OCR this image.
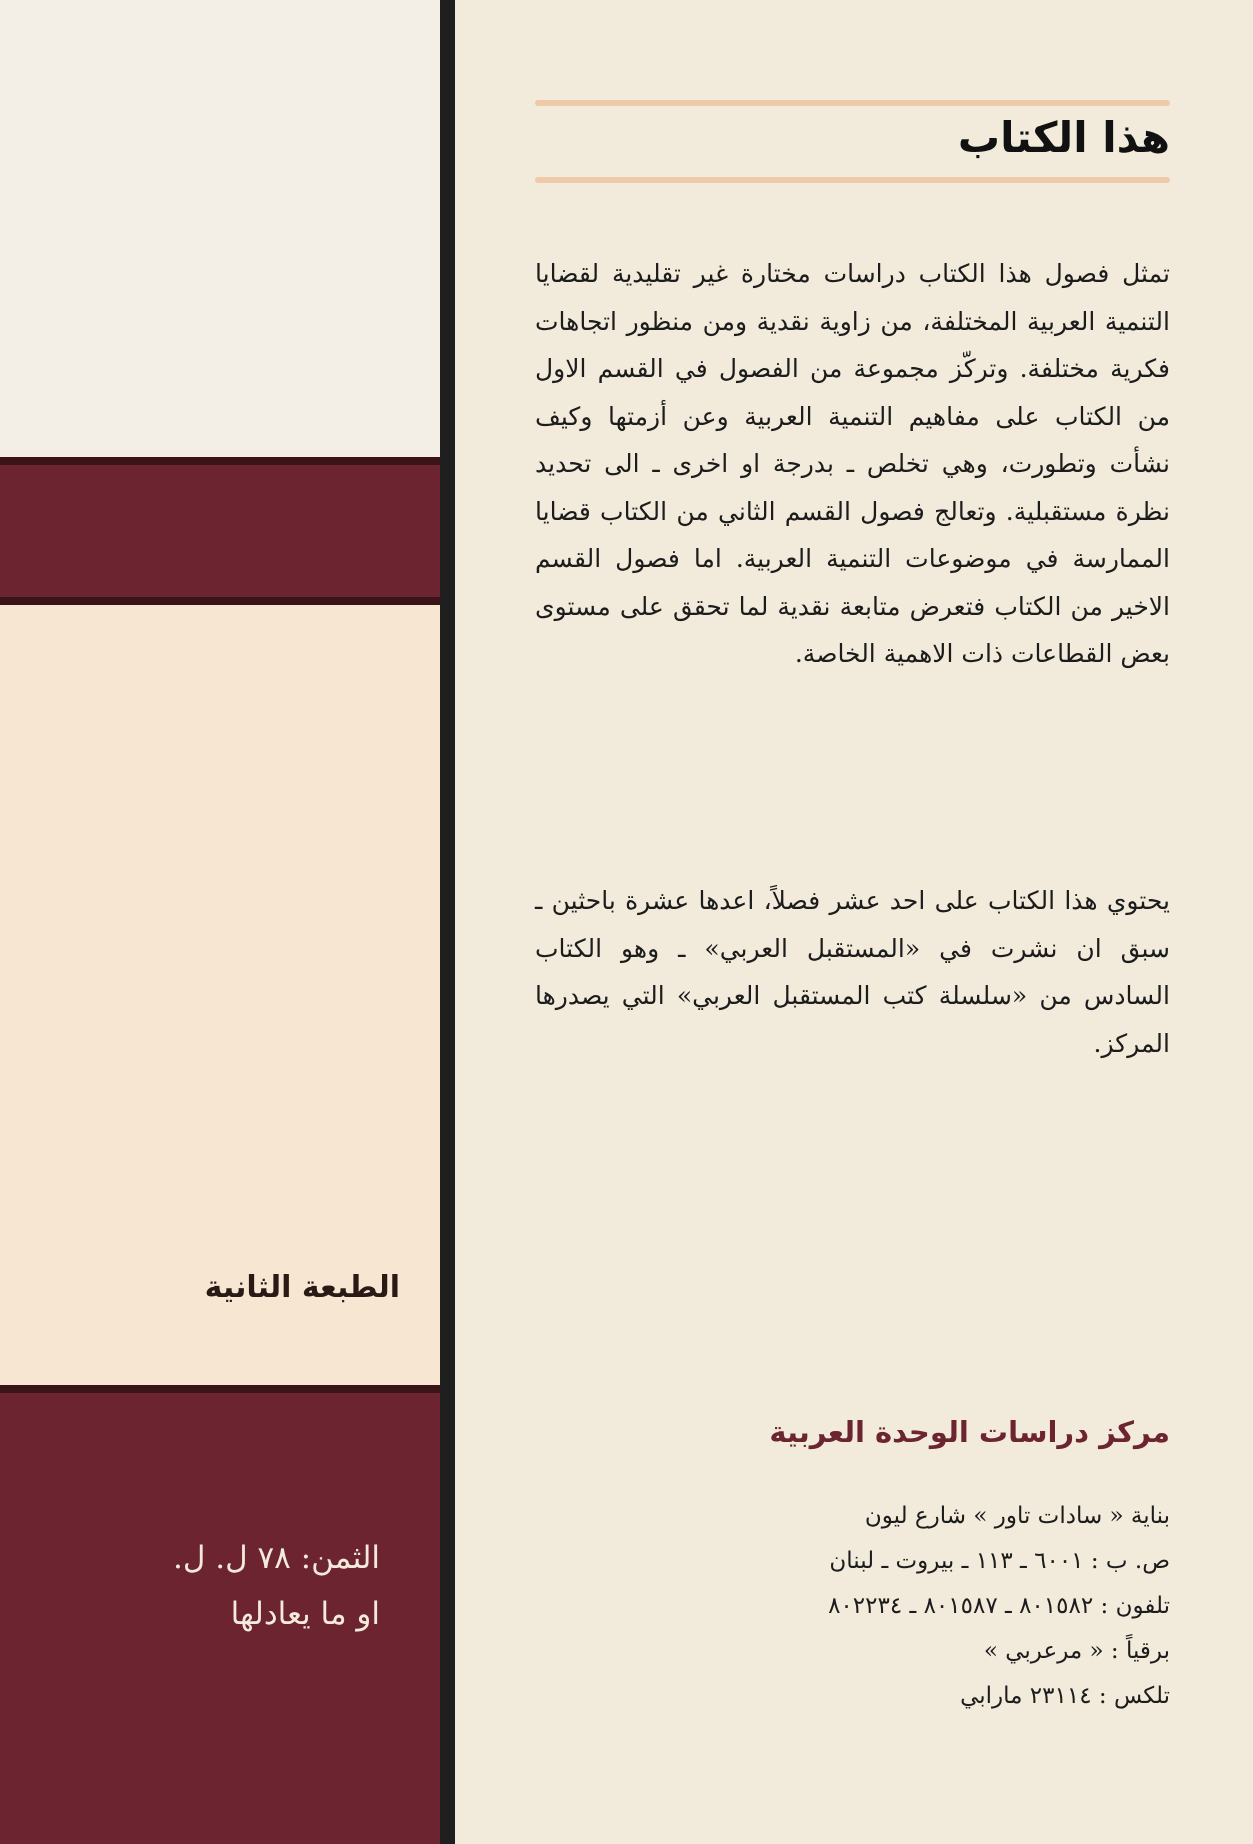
الطبعة الثانية
الثمن: ٧٨ ل. ل.
او ما يعادلها
هذا الكتاب
تمثل فصول هذا الكتاب دراسات مختارة غير تقليدية لقضايا التنمية العربية المختلفة، من زاوية نقدية ومن منظور اتجاهات فكرية مختلفة. وتركّز مجموعة من الفصول في القسم الاول من الكتاب على مفاهيم التنمية العربية وعن أزمتها وكيف نشأت وتطورت، وهي تخلص ـ بدرجة او اخرى ـ الى تحديد نظرة مستقبلية. وتعالج فصول القسم الثاني من الكتاب قضايا الممارسة في موضوعات التنمية العربية. اما فصول القسم الاخير من الكتاب فتعرض متابعة نقدية لما تحقق على مستوى بعض القطاعات ذات الاهمية الخاصة.
يحتوي هذا الكتاب على احد عشر فصلاً، اعدها عشرة باحثين ـ سبق ان نشرت في «المستقبل العربي» ـ وهو الكتاب السادس من «سلسلة كتب المستقبل العربي» التي يصدرها المركز.
مركز دراسات الوحدة العربية
بناية « سادات تاور » شارع ليون
ص. ب : ٦٠٠١ ـ ١١٣ ـ بيروت ـ لبنان
تلفون : ٨٠١٥٨٢ ـ ٨٠١٥٨٧ ـ ٨٠٢٢٣٤
برقياً : « مرعربي »
تلكس : ٢٣١١٤ مارابي
